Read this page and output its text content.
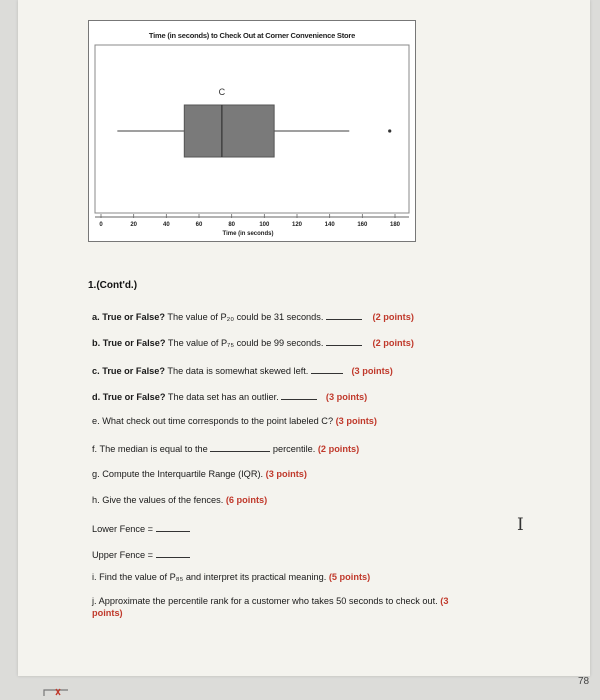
Time (in seconds) to Check Out at Corner Convenience Store
C
0	20	40	60	80	100	120	140	160	180
Time (in seconds)
1.(Cont'd.)
a. True or False? The value of P₂₀ could be 31 seconds.	(2 points)
b. True or False? The value of P₇₅ could be 99 seconds.	(2 points)
c. True or False? The data is somewhat skewed left.	(3 points)
d. True or False? The data set has an outlier.	(3 points)
e. What check out time corresponds to the point labeled C? (3 points)
f. The median is equal to the	percentile. (2 points)
g. Compute the Interquartile Range (IQR). (3 points)
h. Give the values of the fences. (6 points)
Lower Fence =
Upper Fence =
i. Find the value of P₈₅ and interpret its practical meaning. (5 points)
j. Approximate the percentile rank for a customer who takes 50 seconds to check out. (3
points)
I
78
